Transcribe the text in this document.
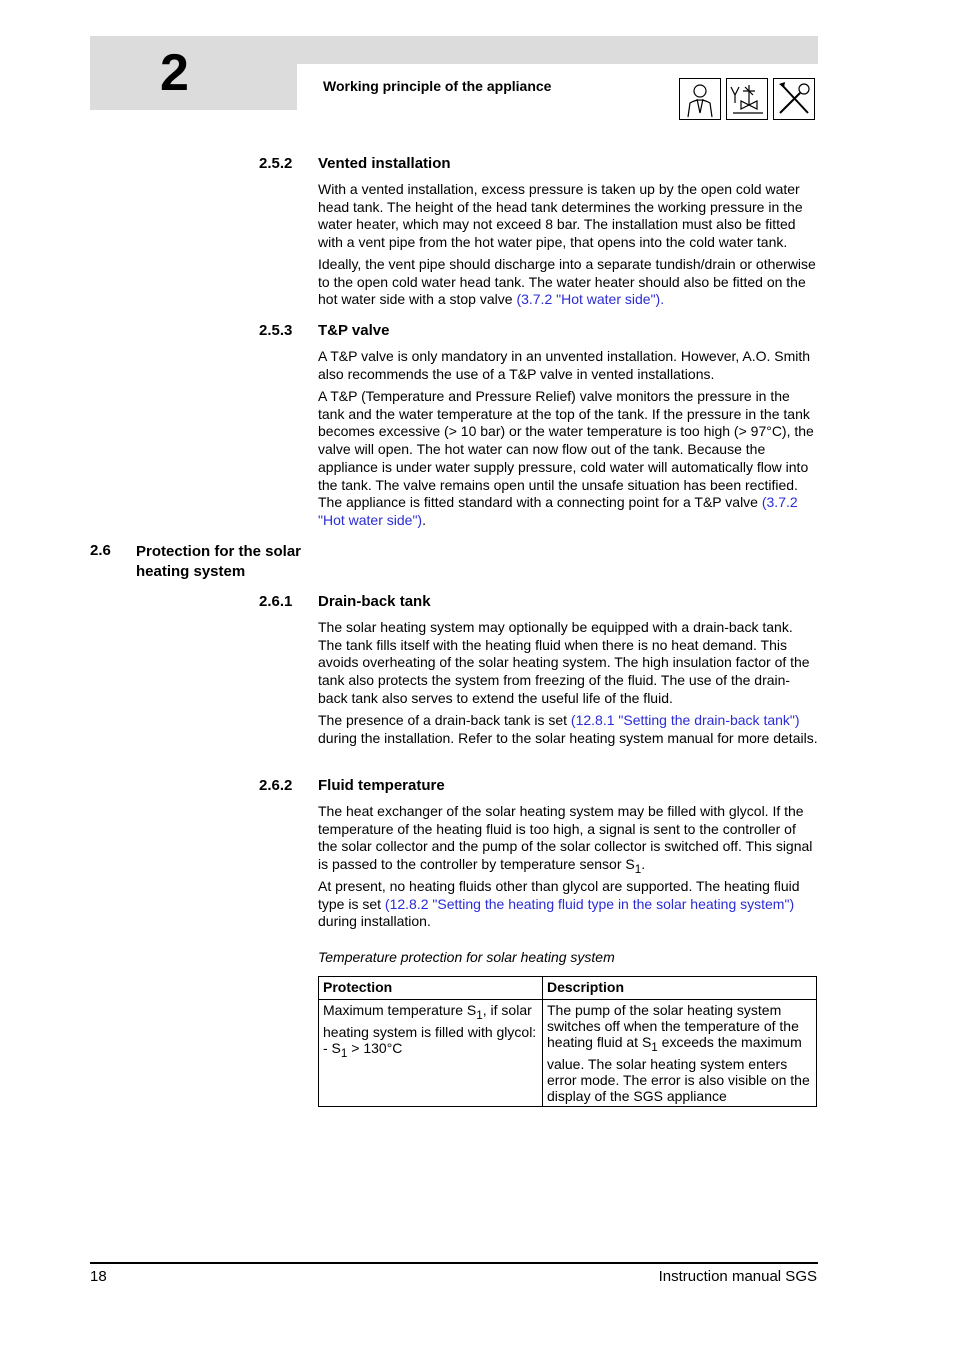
2	Working principle of the appliance
2.5.2 Vented installation

With a vented installation, excess pressure is taken up by the open cold water head tank. The height of the head tank determines the working pressure in the water heater, which may not exceed 8 bar. The installation must also be fitted with a vent pipe from the hot water pipe, that opens into the cold water tank.

Ideally, the vent pipe should discharge into a separate tundish/drain or otherwise to the open cold water head tank. The water heater should also be fitted on the hot water side with a stop valve (3.7.2 "Hot water side").

2.5.3 T&P valve

A T&P valve is only mandatory in an unvented installation. However, A.O. Smith also recommends the use of a T&P valve in vented installations.

A T&P (Temperature and Pressure Relief) valve monitors the pressure in the tank and the water temperature at the top of the tank. If the pressure in the tank becomes excessive (> 10 bar) or the water temperature is too high (> 97°C), the valve will open. The hot water can now flow out of the tank. Because the appliance is under water supply pressure, cold water will automatically flow into the tank. The valve remains open until the unsafe situation has been rectified. The appliance is fitted standard with a connecting point for a T&P valve (3.7.2 "Hot water side").

2.6 Protection for the solar heating system
2.6.1 Drain-back tank

The solar heating system may optionally be equipped with a drain-back tank. The tank fills itself with the heating fluid when there is no heat demand. This avoids overheating of the solar heating system. The high insulation factor of the tank also protects the system from freezing of the fluid. The use of the drain-back tank also serves to extend the useful life of the fluid.

The presence of a drain-back tank is set (12.8.1 "Setting the drain-back tank") during the installation. Refer to the solar heating system manual for more details.

2.6.2 Fluid temperature

The heat exchanger of the solar heating system may be filled with glycol. If the temperature of the heating fluid is too high, a signal is sent to the controller of the solar collector and the pump of the solar collector is switched off. This signal is passed to the controller by temperature sensor $S_1$.

At present, no heating fluids other than glycol are supported. The heating fluid type is set (12.8.2 "Setting the heating fluid type in the solar heating system") during installation.

Temperature protection for solar heating system
Protection	Description
Maximum temperature $S_1$, if solar heating system is filled with glycol:
- $S_1 > 130^\circ C$	The pump of the solar heating system switches off when the temperature of the heating fluid at $S_1$ exceeds the maximum value. The solar heating system enters error mode. The error is also visible on the display of the SGS appliance
18	Instruction manual SGS
